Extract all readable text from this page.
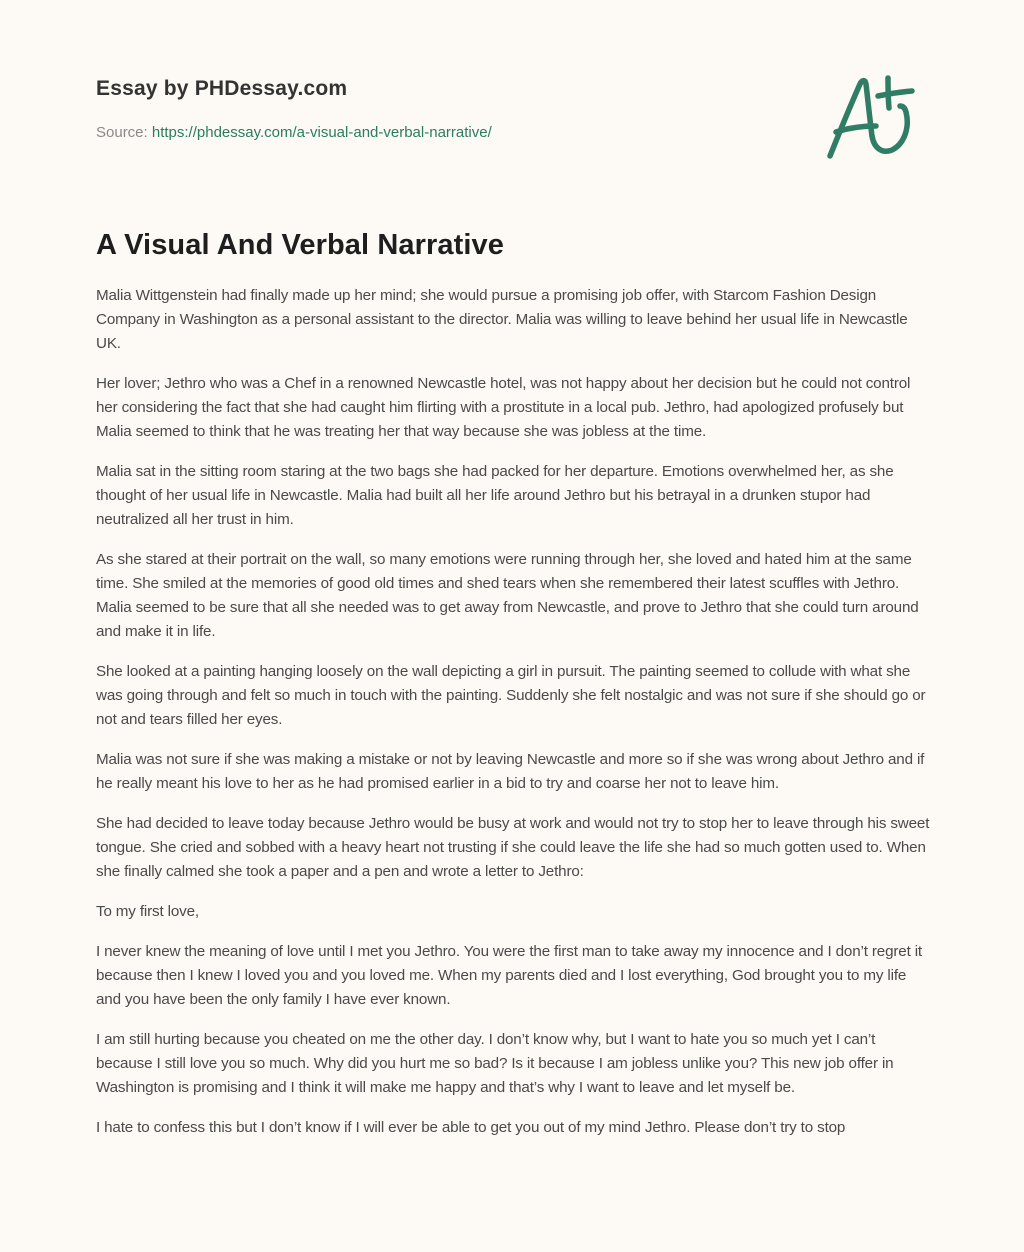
Essay by PHDessay.com
Source: https://phdessay.com/a-visual-and-verbal-narrative/
A Visual And Verbal Narrative

Malia Wittgenstein had finally made up her mind; she would pursue a promising job offer, with Starcom Fashion Design Company in Washington as a personal assistant to the director. Malia was willing to leave behind her usual life in Newcastle UK.

Her lover; Jethro who was a Chef in a renowned Newcastle hotel, was not happy about her decision but he could not control her considering the fact that she had caught him flirting with a prostitute in a local pub. Jethro, had apologized profusely but Malia seemed to think that he was treating her that way because she was jobless at the time.

Malia sat in the sitting room staring at the two bags she had packed for her departure. Emotions overwhelmed her, as she thought of her usual life in Newcastle. Malia had built all her life around Jethro but his betrayal in a drunken stupor had neutralized all her trust in him.

As she stared at their portrait on the wall, so many emotions were running through her, she loved and hated him at the same time. She smiled at the memories of good old times and shed tears when she remembered their latest scuffles with Jethro. Malia seemed to be sure that all she needed was to get away from Newcastle, and prove to Jethro that she could turn around and make it in life.

She looked at a painting hanging loosely on the wall depicting a girl in pursuit. The painting seemed to collude with what she was going through and felt so much in touch with the painting. Suddenly she felt nostalgic and was not sure if she should go or not and tears filled her eyes.

Malia was not sure if she was making a mistake or not by leaving Newcastle and more so if she was wrong about Jethro and if he really meant his love to her as he had promised earlier in a bid to try and coarse her not to leave him.

She had decided to leave today because Jethro would be busy at work and would not try to stop her to leave through his sweet tongue. She cried and sobbed with a heavy heart not trusting if she could leave the life she had so much gotten used to. When she finally calmed she took a paper and a pen and wrote a letter to Jethro:

To my first love,

I never knew the meaning of love until I met you Jethro. You were the first man to take away my innocence and I don’t regret it because then I knew I loved you and you loved me. When my parents died and I lost everything, God brought you to my life and you have been the only family I have ever known.

I am still hurting because you cheated on me the other day. I don’t know why, but I want to hate you so much yet I can’t because I still love you so much. Why did you hurt me so bad? Is it because I am jobless unlike you? This new job offer in Washington is promising and I think it will make me happy and that’s why I want to leave and let myself be.

I hate to confess this but I don’t know if I will ever be able to get you out of my mind Jethro. Please don’t try to stop
